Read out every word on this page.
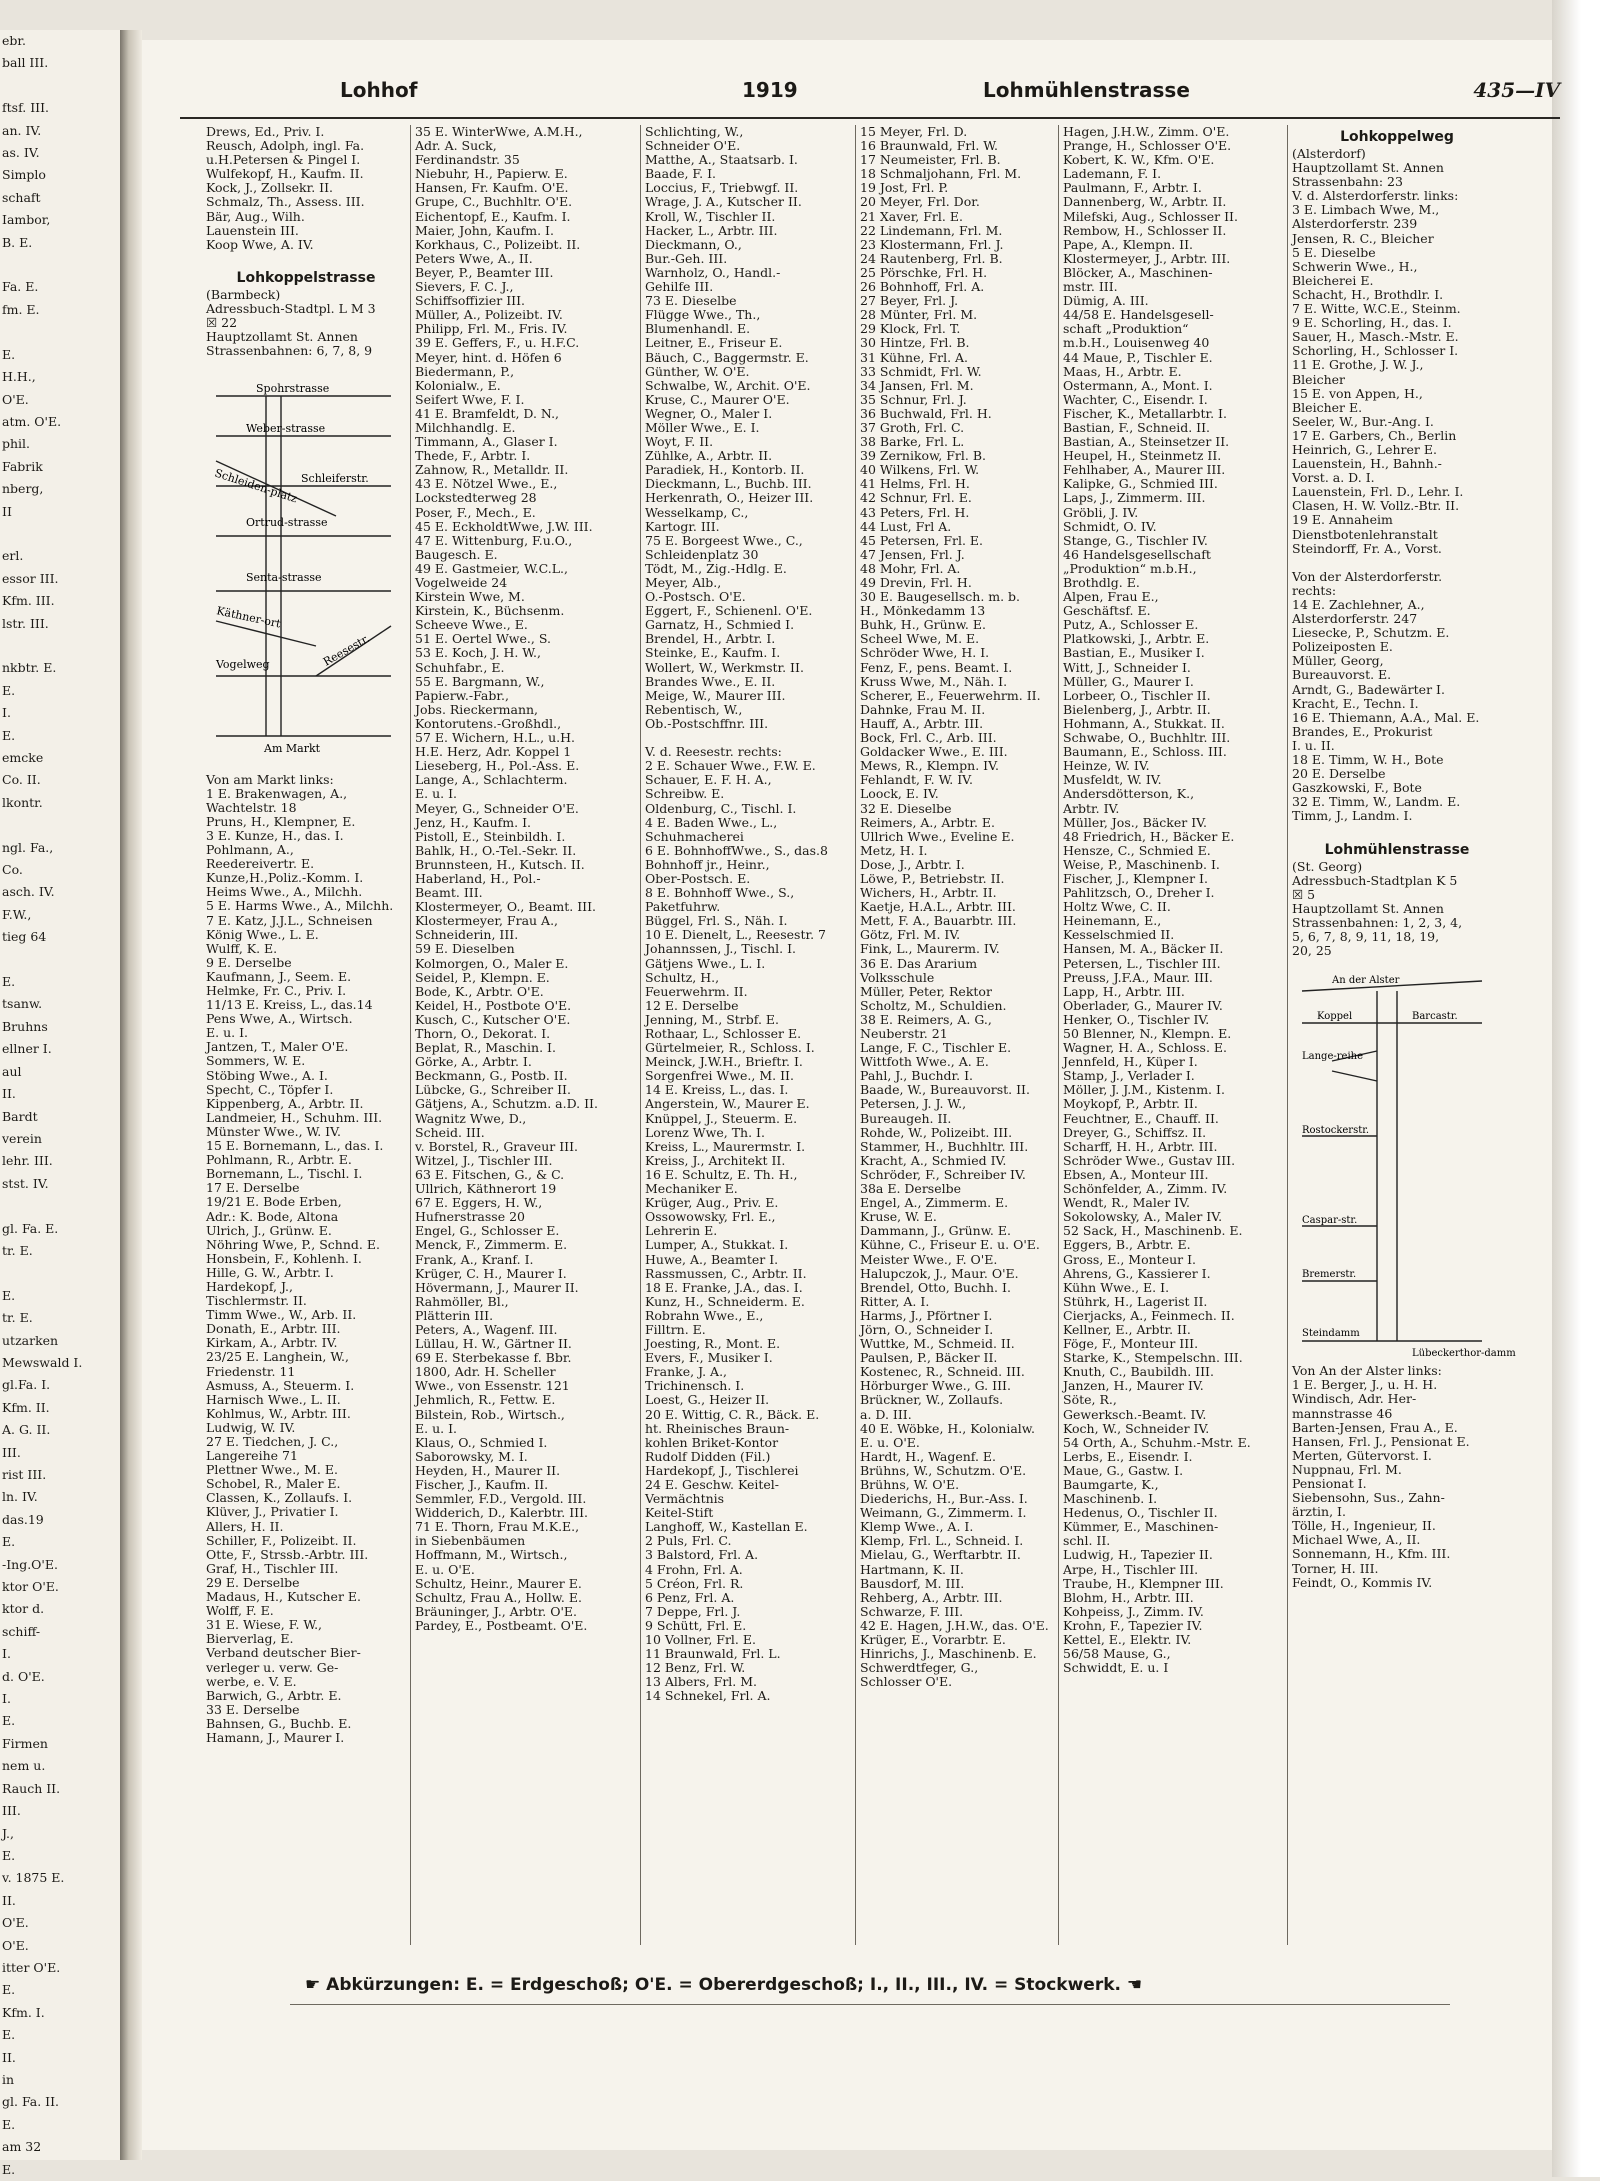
ebr.
ball III.

ftsf. III.
an. IV.
as. IV.
Simplo
schaft
Iambor,
B. E.

Fa. E.
fm. E.

E.
H.H.,
O'E.
atm. O'E.
phil.
Fabrik
nberg,
II

erl.
essor III.
Kfm. III.
lstr. III.

nkbtr. E.
E.
I.
E.
emcke
Co. II.
lkontr.

ngl. Fa.,
Co.
asch. IV.
F.W.,
tieg 64

E.
tsanw.
Bruhns
ellner I.
aul
II.
Bardt
verein
lehr. III.
stst. IV.

gl. Fa. E.
tr. E.

E.
tr. E.
utzarken
Mewswald I.
gl.Fa. I.
Kfm. II.
A. G. II.
III.
rist III.
ln. IV.
das.19
E.
-Ing.O'E.
ktor O'E.
ktor d.
schiff-
I.
d. O'E.
I.
E.
Firmen
nem u.
Rauch II.
III.
J.,
E.
v. 1875 E.
II.
O'E.
O'E.
itter O'E.
E.
Kfm. I.
E.
II.
in
gl. Fa. II.
E.
am 32
E.
Lohhof	1919	Lohmühlenstrasse	435—IV
Drews, Ed., Priv. I.
Reusch, Adolph, ingl. Fa.
u.H.Petersen & Pingel I.
Wulfekopf, H., Kaufm. II.
Kock, J., Zollsekr. II.
Schmalz, Th., Assess. III.
Bär, Aug., Wilh.
Lauenstein III.
Koop Wwe, A. IV.

Lohkoppelstrasse
(Barmbeck)
Adressbuch-Stadtpl. L M 3
☒ 22
Hauptzollamt St. Annen
Strassenbahnen: 6, 7, 8, 9

Spohrstrasse
Weber-strasse
Schleiden-platz Schleiferstr.
Ortrud-strasse
Senta-strasse
Käthner-ort
Vogelweg	Reesestr.
Am Markt

Von am Markt links:
1 E. Brakenwagen, A.,
Wachtelstr. 18
Pruns, H., Klempner, E.
3 E. Kunze, H., das. I.
Pohlmann, A.,
Reedereivertr. E.
Kunze,H.,Poliz.-Komm. I.
Heims Wwe., A., Milchh.
5 E. Harms Wwe., A., Milchh.
7 E. Katz, J.J.L., Schneisen
König Wwe., L. E.
Wulff, K. E.
9 E. Derselbe
Kaufmann, J., Seem. E.
Helmke, Fr. C., Priv. I.
11/13 E. Kreiss, L., das.14
Pens Wwe, A., Wirtsch.
E. u. I.
Jantzen, T., Maler O'E.
Sommers, W. E.
Stöbing Wwe., A. I.
Specht, C., Töpfer I.
Kippenberg, A., Arbtr. II.
Landmeier, H., Schuhm. III.
Münster Wwe., W. IV.
15 E. Bornemann, L., das. I.
Pohlmann, R., Arbtr. E.
Bornemann, L., Tischl. I.
17 E. Derselbe
19/21 E. Bode Erben,
Adr.: K. Bode, Altona
Ulrich, J., Grünw. E.
Nöhring Wwe, P., Schnd. E.
Honsbein, F., Kohlenh. I.
Hille, G. W., Arbtr. I.
Hardekopf, J.,
Tischlermstr. II.
Timm Wwe., W., Arb. II.
Donath, E., Arbtr. III.
Kirkam, A., Arbtr. IV.
23/25 E. Langhein, W.,
Friedenstr. 11
Asmuss, A., Steuerm. I.
Harnisch Wwe., L. II.
Kohlmus, W., Arbtr. III.
Ludwig, W. IV.
27 E. Tiedchen, J. C.,
Langereihe 71
Plettner Wwe., M. E.
Schobel, R., Maler E.
Classen, K., Zollaufs. I.
Klüver, J., Privatier I.
Allers, H. II.
Schiller, F., Polizeibt. II.
Otte, F., Strssb.-Arbtr. III.
Graf, H., Tischler III.
29 E. Derselbe
Madaus, H., Kutscher E.
Wolff, F. E.
31 E. Wiese, F. W.,
Bierverlag, E.
Verband deutscher Bier-
verleger u. verw. Ge-
werbe, e. V. E.
Barwich, G., Arbtr. E.
33 E. Derselbe
Bahnsen, G., Buchb. E.
Hamann, J., Maurer I.
35 E. WinterWwe, A.M.H.,
Adr. A. Suck,
Ferdinandstr. 35
Niebuhr, H., Papierw. E.
Hansen, Fr. Kaufm. O'E.
Grupe, C., Buchhltr. O'E.
Eichentopf, E., Kaufm. I.
Maier, John, Kaufm. I.
Korkhaus, C., Polizeibt. II.
Peters Wwe, A., II.
Beyer, P., Beamter III.
Sievers, F. C. J.,
Schiffsoffizier III.
Müller, A., Polizeibt. IV.
Philipp, Frl. M., Fris. IV.
39 E. Geffers, F., u. H.F.C.
Meyer, hint. d. Höfen 6
Biedermann, P.,
Kolonialw., E.
Seifert Wwe, F. I.
41 E. Bramfeldt, D. N.,
Milchhandlg. E.
Timmann, A., Glaser I.
Thede, F., Arbtr. I.
Zahnow, R., Metalldr. II.
43 E. Nötzel Wwe., E.,
Lockstedterweg 28
Poser, F., Mech., E.
45 E. EckholdtWwe, J.W. III.
47 E. Wittenburg, F.u.O.,
Baugesch. E.
49 E. Gastmeier, W.C.L.,
Vogelweide 24
Kirstein Wwe, M.
Kirstein, K., Büchsenm.
Scheeve Wwe., E.
51 E. Oertel Wwe., S.
53 E. Koch, J. H. W.,
Schuhfabr., E.
55 E. Bargmann, W.,
Papierw.-Fabr.,
Jobs. Rieckermann,
Kontorutens.-Großhdl.,
57 E. Wichern, H.L., u.H.
H.E. Herz, Adr. Koppel 1
Lieseberg, H., Pol.-Ass. E.
Lange, A., Schlachterm.
E. u. I.
Meyer, G., Schneider O'E.
Jenz, H., Kaufm. I.
Pistoll, E., Steinbildh. I.
Bahlk, H., O.-Tel.-Sekr. II.
Brunnsteen, H., Kutsch. II.
Haberland, H., Pol.-
Beamt. III.
Klostermeyer, O., Beamt. III.
Klostermeyer, Frau A.,
Schneiderin, III.
59 E. Dieselben
Kolmorgen, O., Maler E.
Seidel, P., Klempn. E.
Bode, K., Arbtr. O'E.
Keidel, H., Postbote O'E.
Kusch, C., Kutscher O'E.
Thorn, O., Dekorat. I.
Beplat, R., Maschin. I.
Görke, A., Arbtr. I.
Beckmann, G., Postb. II.
Lübcke, G., Schreiber II.
Gätjens, A., Schutzm. a.D. II.
Wagnitz Wwe, D.,
Scheid. III.
v. Borstel, R., Graveur III.
Witzel, J., Tischler III.
63 E. Fitschen, G., & C.
Ullrich, Käthnerort 19
67 E. Eggers, H. W.,
Hufnerstrasse 20
Engel, G., Schlosser E.
Menck, F., Zimmerm. E.
Frank, A., Kranf. I.
Krüger, C. H., Maurer I.
Hövermann, J., Maurer II.
Rahmöller, Bl.,
Plätterin III.
Peters, A., Wagenf. III.
Lüllau, H. W., Gärtner II.
69 E. Sterbekasse f. Bbr.
1800, Adr. H. Scheller
Wwe., von Essenstr. 121
Jehmlich, R., Fettw. E.
Bilstein, Rob., Wirtsch.,
E. u. I.
Klaus, O., Schmied I.
Saborowsky, M. I.
Heyden, H., Maurer II.
Fischer, J., Kaufm. II.
Semmler, F.D., Vergold. III.
Widderich, D., Kalerbtr. III.
71 E. Thorn, Frau M.K.E.,
in Siebenbäumen
Hoffmann, M., Wirtsch.,
E. u. O'E.
Schultz, Heinr., Maurer E.
Schultz, Frau A., Hollw. E.
Bräuninger, J., Arbtr. O'E.
Pardey, E., Postbeamt. O'E.
Schlichting, W.,
Schneider O'E.
Matthe, A., Staatsarb. I.
Baade, F. I.
Loccius, F., Triebwgf. II.
Wrage, J. A., Kutscher II.
Kroll, W., Tischler II.
Hacker, L., Arbtr. III.
Dieckmann, O.,
Bur.-Geh. III.
Warnholz, O., Handl.-
Gehilfe III.
73 E. Dieselbe
Flügge Wwe., Th.,
Blumenhandl. E.
Leitner, E., Friseur E.
Bäuch, C., Baggermstr. E.
Günther, W. O'E.
Schwalbe, W., Archit. O'E.
Kruse, C., Maurer O'E.
Wegner, O., Maler I.
Möller Wwe., E. I.
Woyt, F. II.
Zühlke, A., Arbtr. II.
Paradiek, H., Kontorb. II.
Dieckmann, L., Buchb. III.
Herkenrath, O., Heizer III.
Wesselkamp, C.,
Kartogr. III.
75 E. Borgeest Wwe., C.,
Schleidenplatz 30
Tödt, M., Zig.-Hdlg. E.
Meyer, Alb.,
O.-Postsch. O'E.
Eggert, F., Schienenl. O'E.
Garnatz, H., Schmied I.
Brendel, H., Arbtr. I.
Steinke, E., Kaufm. I.
Wollert, W., Werkmstr. II.
Brandes Wwe., E. II.
Meige, W., Maurer III.
Rebentisch, W.,
Ob.-Postschffnr. III.

V. d. Reesestr. rechts:
2 E. Schauer Wwe., F.W. E.
Schauer, E. F. H. A.,
Schreibw. E.
Oldenburg, C., Tischl. I.
4 E. Baden Wwe., L.,
Schuhmacherei
6 E. BohnhoffWwe., S., das.8
Bohnhoff jr., Heinr.,
Ober-Postsch. E.
8 E. Bohnhoff Wwe., S.,
Paketfuhrw.
Büggel, Frl. S., Näh. I.
10 E. Dienelt, L., Reesestr. 7
Johannssen, J., Tischl. I.
Gätjens Wwe., L. I.
Schultz, H.,
Feuerwehrm. II.
12 E. Derselbe
Jenning, M., Strbf. E.
Rothaar, L., Schlosser E.
Gürtelmeier, R., Schloss. I.
Meinck, J.W.H., Brieftr. I.
Sorgenfrei Wwe., M. II.
14 E. Kreiss, L., das. I.
Angerstein, W., Maurer E.
Knüppel, J., Steuerm. E.
Lorenz Wwe, Th. I.
Kreiss, L., Maurermstr. I.
Kreiss, J., Architekt II.
16 E. Schultz, E. Th. H.,
Mechaniker E.
Krüger, Aug., Priv. E.
Ossowowsky, Frl. E.,
Lehrerin E.
Lumper, A., Stukkat. I.
Huwe, A., Beamter I.
Rassmussen, C., Arbtr. II.
18 E. Franke, J.A., das. I.
Kunz, H., Schneiderm. E.
Robrahn Wwe., E.,
Filltrn. E.
Joesting, R., Mont. E.
Evers, F., Musiker I.
Franke, J. A.,
Trichinensch. I.
Loest, G., Heizer II.
20 E. Wittig, C. R., Bäck. E.
ht. Rheinisches Braun-
kohlen Briket-Kontor
Rudolf Didden (Fil.)
Hardekopf, J., Tischlerei
24 E. Geschw. Keitel-
Vermächtnis
Keitel-Stift
Langhoff, W., Kastellan E.
2 Puls, Frl. C.
3 Balstord, Frl. A.
4 Frohn, Frl. A.
5 Créon, Frl. R.
6 Penz, Frl. A.
7 Deppe, Frl. J.
9 Schütt, Frl. E.
10 Vollner, Frl. E.
11 Braunwald, Frl. L.
12 Benz, Frl. W.
13 Albers, Frl. M.
14 Schnekel, Frl. A.
15 Meyer, Frl. D.
16 Braunwald, Frl. W.
17 Neumeister, Frl. B.
18 Schmaljohann, Frl. M.
19 Jost, Frl. P.
20 Meyer, Frl. Dor.
21 Xaver, Frl. E.
22 Lindemann, Frl. M.
23 Klostermann, Frl. J.
24 Rautenberg, Frl. B.
25 Pörschke, Frl. H.
26 Bohnhoff, Frl. A.
27 Beyer, Frl. J.
28 Münter, Frl. M.
29 Klock, Frl. T.
30 Hintze, Frl. B.
31 Kühne, Frl. A.
33 Schmidt, Frl. W.
34 Jansen, Frl. M.
35 Schnur, Frl. J.
36 Buchwald, Frl. H.
37 Groth, Frl. C.
38 Barke, Frl. L.
39 Zernikow, Frl. B.
40 Wilkens, Frl. W.
41 Helms, Frl. H.
42 Schnur, Frl. E.
43 Peters, Frl. H.
44 Lust, Frl A.
45 Petersen, Frl. E.
47 Jensen, Frl. J.
48 Mohr, Frl. A.
49 Drevin, Frl. H.
30 E. Baugesellsch. m. b.
H., Mönkedamm 13
Buhk, H., Grünw. E.
Scheel Wwe, M. E.
Schröder Wwe, H. I.
Fenz, F., pens. Beamt. I.
Kruss Wwe, M., Näh. I.
Scherer, E., Feuerwehrm. II.
Dahnke, Frau M. II.
Hauff, A., Arbtr. III.
Bock, Frl. C., Arb. III.
Goldacker Wwe., E. III.
Mews, R., Klempn. IV.
Fehlandt, F. W. IV.
Loock, E. IV.
32 E. Dieselbe
Reimers, A., Arbtr. E.
Ullrich Wwe., Eveline E.
Metz, H. I.
Dose, J., Arbtr. I.
Löwe, P., Betriebstr. II.
Wichers, H., Arbtr. II.
Kaetje, H.A.L., Arbtr. III.
Mett, F. A., Bauarbtr. III.
Götz, Frl. M. IV.
Fink, L., Maurerm. IV.
36 E. Das Ararium
Volksschule
Müller, Peter, Rektor
Scholtz, M., Schuldien.
38 E. Reimers, A. G.,
Neuberstr. 21
Lange, F. C., Tischler E.
Wittfoth Wwe., A. E.
Pahl, J., Buchdr. I.
Baade, W., Bureauvorst. II.
Petersen, J. J. W.,
Bureaugeh. II.
Rohde, W., Polizeibt. III.
Stammer, H., Buchhltr. III.
Kracht, A., Schmied IV.
Schröder, F., Schreiber IV.
38a E. Derselbe
Engel, A., Zimmerm. E.
Kruse, W. E.
Dammann, J., Grünw. E.
Kühne, C., Friseur E. u. O'E.
Meister Wwe., F. O'E.
Halupczok, J., Maur. O'E.
Brendel, Otto, Buchh. I.
Ritter, A. I.
Harms, J., Pförtner I.
Jörn, O., Schneider I.
Wuttke, M., Schmeid. II.
Paulsen, P., Bäcker II.
Kostenec, R., Schneid. III.
Hörburger Wwe., G. III.
Brückner, W., Zollaufs.
a. D. III.
40 E. Wöbke, H., Kolonialw.
E. u. O'E.
Hardt, H., Wagenf. E.
Brühns, W., Schutzm. O'E.
Brühns, W. O'E.
Diederichs, H., Bur.-Ass. I.
Weimann, G., Zimmerm. I.
Klemp Wwe., A. I.
Klemp, Frl. L., Schneid. I.
Mielau, G., Werftarbtr. II.
Hartmann, K. II.
Bausdorf, M. III.
Rehberg, A., Arbtr. III.
Schwarze, F. III.
42 E. Hagen, J.H.W., das. O'E.
Krüger, E., Vorarbtr. E.
Hinrichs, J., Maschinenb. E.
Schwerdtfeger, G.,
Schlosser O'E.
Hagen, J.H.W., Zimm. O'E.
Prange, H., Schlosser O'E.
Kobert, K. W., Kfm. O'E.
Lademann, F. I.
Paulmann, F., Arbtr. I.
Dannenberg, W., Arbtr. II.
Milefski, Aug., Schlosser II.
Rembow, H., Schlosser II.
Pape, A., Klempn. II.
Klostermeyer, J., Arbtr. III.
Blöcker, A., Maschinen-
mstr. III.
Dümig, A. III.
44/58 E. Handelsgesell-
schaft „Produktion“
m.b.H., Louisenweg 40
44 Maue, P., Tischler E.
Maas, H., Arbtr. E.
Ostermann, A., Mont. I.
Wachter, C., Eisendr. I.
Fischer, K., Metallarbtr. I.
Bastian, F., Schneid. II.
Bastian, A., Steinsetzer II.
Heupel, H., Steinmetz II.
Fehlhaber, A., Maurer III.
Kalipke, G., Schmied III.
Laps, J., Zimmerm. III.
Gröbli, J. IV.
Schmidt, O. IV.
Stange, G., Tischler IV.
46 Handelsgesellschaft
„Produktion“ m.b.H.,
Brothdlg. E.
Alpen, Frau E.,
Geschäftsf. E.
Putz, A., Schlosser E.
Platkowski, J., Arbtr. E.
Bastian, E., Musiker I.
Witt, J., Schneider I.
Müller, G., Maurer I.
Lorbeer, O., Tischler II.
Bielenberg, J., Arbtr. II.
Hohmann, A., Stukkat. II.
Schwabe, O., Buchhltr. III.
Baumann, E., Schloss. III.
Heinze, W. IV.
Musfeldt, W. IV.
Andersdötterson, K.,
Arbtr. IV.
Müller, Jos., Bäcker IV.
48 Friedrich, H., Bäcker E.
Hensze, C., Schmied E.
Weise, P., Maschinenb. I.
Fischer, J., Klempner I.
Pahlitzsch, O., Dreher I.
Holtz Wwe, C. II.
Heinemann, E.,
Kesselschmied II.
Hansen, M. A., Bäcker II.
Petersen, L., Tischler III.
Preuss, J.F.A., Maur. III.
Lapp, H., Arbtr. III.
Oberlader, G., Maurer IV.
Henker, O., Tischler IV.
50 Blenner, N., Klempn. E.
Wagner, H. A., Schloss. E.
Jennfeld, H., Küper I.
Stamp, J., Verlader I.
Möller, J. J.M., Kistenm. I.
Moykopf, P., Arbtr. II.
Feuchtner, E., Chauff. II.
Dreyer, G., Schiffsz. II.
Scharff, H. H., Arbtr. III.
Schröder Wwe., Gustav III.
Ebsen, A., Monteur III.
Schönfelder, A., Zimm. IV.
Wendt, R., Maler IV.
Sokolowsky, A., Maler IV.
52 Sack, H., Maschinenb. E.
Eggers, B., Arbtr. E.
Gross, E., Monteur I.
Ahrens, G., Kassierer I.
Kühn Wwe., E. I.
Stührk, H., Lagerist II.
Cierjacks, A., Feinmech. II.
Kellner, E., Arbtr. II.
Föge, F., Monteur III.
Starke, K., Stempelschn. III.
Knuth, C., Baubildh. III.
Janzen, H., Maurer IV.
Söte, R.,
Gewerksch.-Beamt. IV.
Koch, W., Schneider IV.
54 Orth, A., Schuhm.-Mstr. E.
Lerbs, E., Eisendr. I.
Maue, G., Gastw. I.
Baumgarte, K.,
Maschinenb. I.
Hedenus, O., Tischler II.
Kümmer, E., Maschinen-
schl. II.
Ludwig, H., Tapezier II.
Arpe, H., Tischler III.
Traube, H., Klempner III.
Blohm, H., Arbtr. III.
Kohpeiss, J., Zimm. IV.
Krohn, F., Tapezier IV.
Kettel, E., Elektr. IV.
56/58 Mause, G.,
Schwiddt, E. u. I
Lohkoppelweg
(Alsterdorf)
Hauptzollamt St. Annen
Strassenbahn: 23
V. d. Alsterdorferstr. links:
3 E. Limbach Wwe, M.,
Alsterdorferstr. 239
Jensen, R. C., Bleicher
5 E. Dieselbe
Schwerin Wwe., H.,
Bleicherei E.
Schacht, H., Brothdlr. I.
7 E. Witte, W.C.E., Steinm.
9 E. Schorling, H., das. I.
Sauer, H., Masch.-Mstr. E.
Schorling, H., Schlosser I.
11 E. Grothe, J. W. J.,
Bleicher
15 E. von Appen, H.,
Bleicher E.
Seeler, W., Bur.-Ang. I.
17 E. Garbers, Ch., Berlin
Heinrich, G., Lehrer E.
Lauenstein, H., Bahnh.-
Vorst. a. D. I.
Lauenstein, Frl. D., Lehr. I.
Clasen, H. W. Vollz.-Btr. II.
19 E. Annaheim
Dienstbotenlehranstalt
Steindorff, Fr. A., Vorst.

Von der Alsterdorferstr.
rechts:
14 E. Zachlehner, A.,
Alsterdorferstr. 247
Liesecke, P., Schutzm. E.
Polizeiposten E.
Müller, Georg,
Bureauvorst. E.
Arndt, G., Badewärter I.
Kracht, E., Techn. I.
16 E. Thiemann, A.A., Mal. E.
Brandes, E., Prokurist
I. u. II.
18 E. Timm, W. H., Bote
20 E. Derselbe
Gaszkowski, F., Bote
32 E. Timm, W., Landm. E.
Timm, J., Landm. I.

Lohmühlenstrasse
(St. Georg)
Adressbuch-Stadtplan K 5
☒ 5
Hauptzollamt St. Annen
Strassenbahnen: 1, 2, 3, 4,
5, 6, 7, 8, 9, 11, 18, 19,
20, 25
An der Alster
Koppel	Barcastr.
Lange-reihe
Rostockerstr.
Caspar-str.
Bremerstr.
Steindamm
Lübeckerthor-damm
Von An der Alster links:
1 E. Berger, J., u. H. H.
Windisch, Adr. Her-
mannstrasse 46
Barten-Jensen, Frau A., E.
Hansen, Frl. J., Pensionat E.
Merten, Gütervorst. I.
Nuppnau, Frl. M.
Pensionat I.
Siebensohn, Sus., Zahn-
ärztin, I.
Tölle, H., Ingenieur, II.
Michael Wwe, A., II.
Sonnemann, H., Kfm. III.
Torner, H. III.
Feindt, O., Kommis IV.
☛ Abkürzungen: E. = Erdgeschoß; O'E. = Obererdgeschoß; I., II., III., IV. = Stockwerk. ☚
